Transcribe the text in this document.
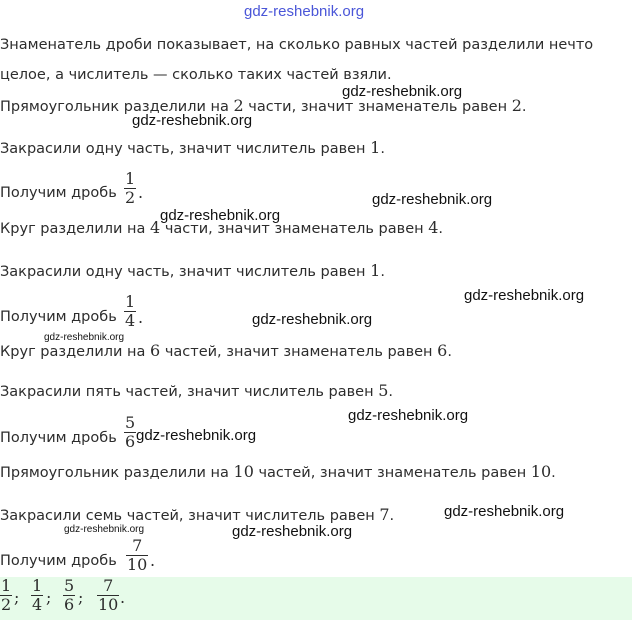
gdz-reshebnik.org
Знаменатель дроби показывает, на сколько равных частей разделили нечто
целое, а числитель — сколько таких частей взяли.
Прямоугольник разделили на 2 части, значит знаменатель равен 2.
Закрасили одну часть, значит числитель равен 1.
Получим дробь
1
2 .
Круг разделили на 4 части, значит знаменатель равен 4.
Закрасили одну часть, значит числитель равен 1.
Получим дробь
1
4 .
Круг разделили на 6 частей, значит знаменатель равен 6.
Закрасили пять частей, значит числитель равен 5.
Получим дробь
5
6
Прямоугольник разделили на 10 частей, значит знаменатель равен 10.
Закрасили семь частей, значит числитель равен 7.
Получим дробь
7
10 .
1
2 ;
1
4 ;
5
6 ;
7
10 .
gdz-reshebnik.org
gdz-reshebnik.org
gdz-reshebnik.org
gdz-reshebnik.org
gdz-reshebnik.org
gdz-reshebnik.org
gdz-reshebnik.org
gdz-reshebnik.org
gdz-reshebnik.org
gdz-reshebnik.org
gdz-reshebnik.org	gdz-reshebnik.org
